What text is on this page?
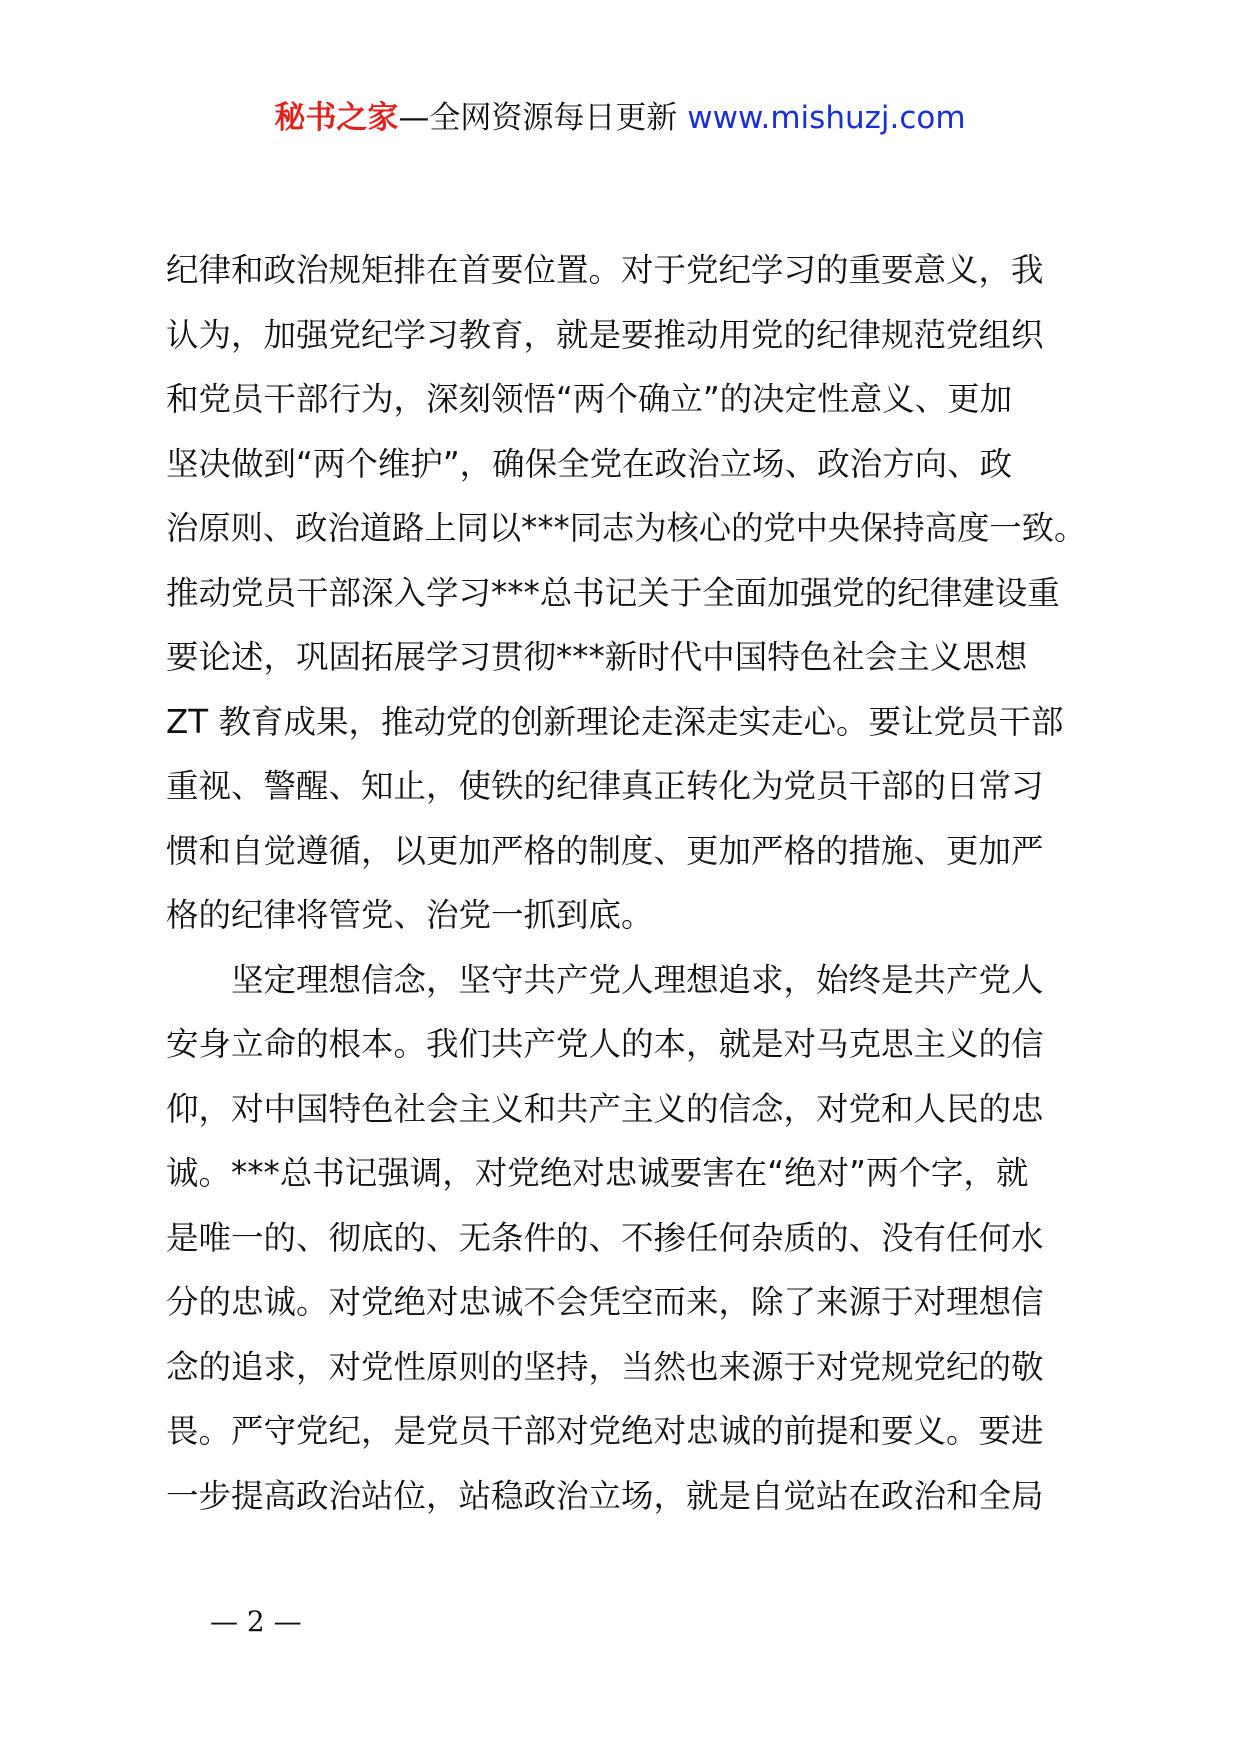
秘书之家—全网资源每日更新 www.mishuzj.com
纪律和政治规矩排在首要位置。对于党纪学习的重要意义，我
认为，加强党纪学习教育，就是要推动用党的纪律规范党组织
和党员干部行为，深刻领悟“两个确立”的决定性意义、更加
坚决做到“两个维护”，确保全党在政治立场、政治方向、政
治原则、政治道路上同以***同志为核心的党中央保持高度一致。
推动党员干部深入学习***总书记关于全面加强党的纪律建设重
要论述，巩固拓展学习贯彻***新时代中国特色社会主义思想
ZT 教育成果，推动党的创新理论走深走实走心。要让党员干部
重视、警醒、知止，使铁的纪律真正转化为党员干部的日常习
惯和自觉遵循，以更加严格的制度、更加严格的措施、更加严
格的纪律将管党、治党一抓到底。
　　坚定理想信念，坚守共产党人理想追求，始终是共产党人
安身立命的根本。我们共产党人的本，就是对马克思主义的信
仰，对中国特色社会主义和共产主义的信念，对党和人民的忠
诚。***总书记强调，对党绝对忠诚要害在“绝对”两个字，就
是唯一的、彻底的、无条件的、不掺任何杂质的、没有任何水
分的忠诚。对党绝对忠诚不会凭空而来，除了来源于对理想信
念的追求，对党性原则的坚持，当然也来源于对党规党纪的敬
畏。严守党纪，是党员干部对党绝对忠诚的前提和要义。要进
一步提高政治站位，站稳政治立场，就是自觉站在政治和全局
— 2 —
